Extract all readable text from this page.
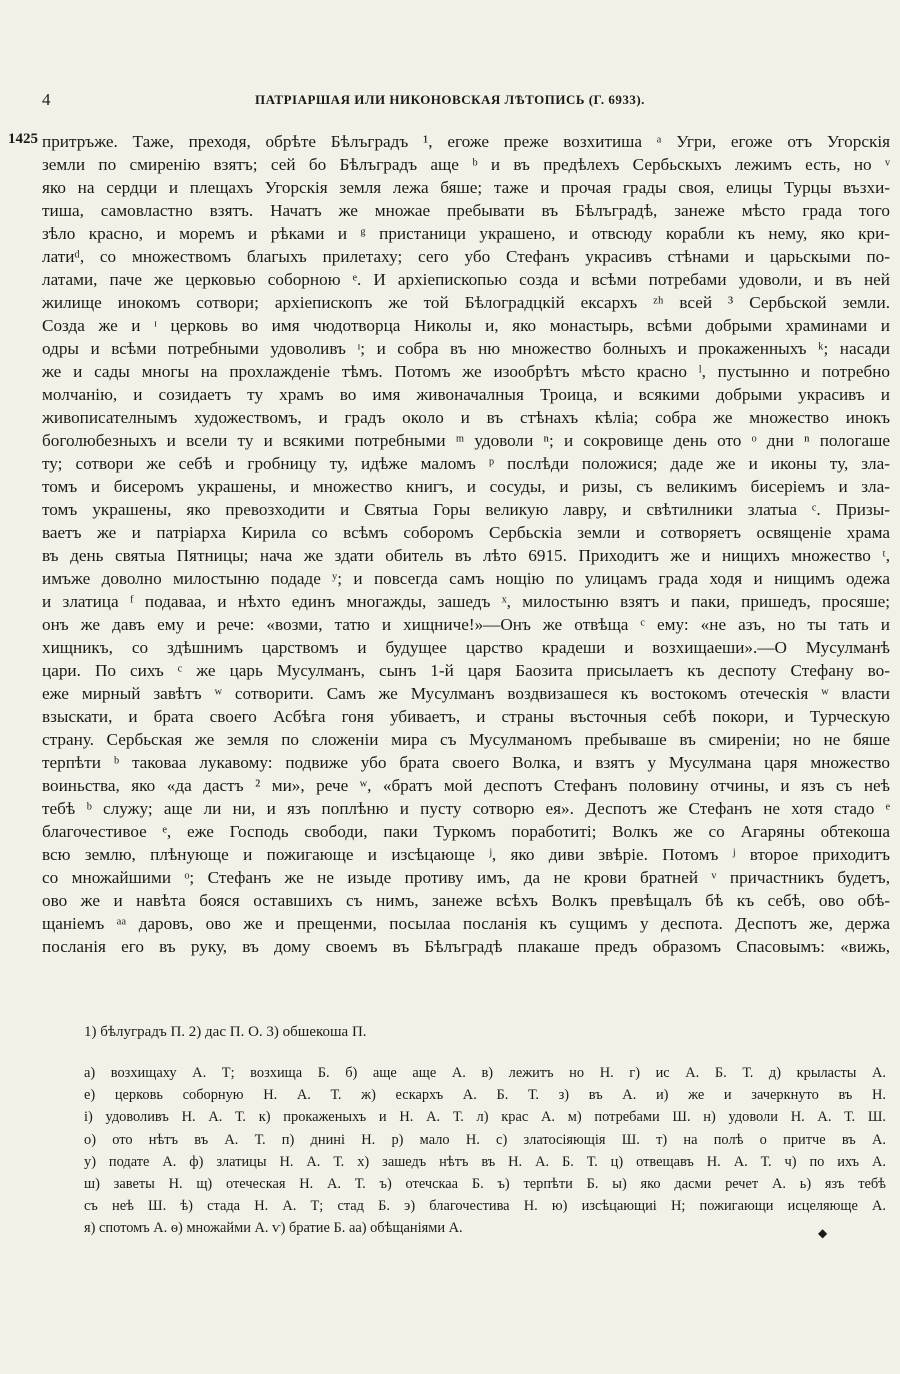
4	ПАТРІАРШАЯ ИЛИ НИКОНОВСКАЯ ЛѢТОПИСЬ (Г. 6933).
1425 притръже. Таже, преходя, обрѣте Бѣлъградъ ¹, егоже преже возхитиша ᵃ Угри, егоже отъ Угорскія
земли по смиренію взятъ; сей бо Бѣлъградъ аще ᵇ и въ предѣлехъ Сербьскыхъ лежимъ есть, но ᵛ
яко на сердци и плещахъ Угорскія земля лежа бяше; таже и прочая грады своя, елицы Турцы възхи-
тиша, самовластно взятъ. Начатъ же множае пребывати въ Бѣлъградѣ, занеже мѣсто града того
зѣло красно, и моремъ и рѣками и ᵍ пристаници украшено, и отвсюду корабли къ нему, яко кри-
латиᵈ, со множествомъ благыхъ прилетаху; сего убо Стефанъ украсивъ стѣнами и царьскыми по-
латами, паче же церковью соборною ᵉ. И архіепископью созда и всѣми потребами удоволи, и въ ней
жилище инокомъ сотвори; архіепископъ же той Бѣлоградцкій ексархъ ᶻʰ всей ³ Сербьской земли.
Созда же и ᶦ церковь во имя чюдотворца Николы и, яко монастырь, всѣми добрыми храминами и
одры и всѣми потребными удоволивъ ᶦ; и собра въ ню множество болныхъ и прокаженныхъ ᵏ; насади
же и сады многы на прохлажденіе тѣмъ. Потомъ же изообрѣтъ мѣсто красно ˡ, пустынно и потребно
молчанію, и созидаетъ ту храмъ во имя живоначалныя Троица, и всякими добрыми украсивъ и
живописателнымъ художествомъ, и градъ около и въ стѣнахъ кѣліа; собра же множество инокъ
боголюбезныхъ и всели ту и всякими потребными ᵐ удоволи ⁿ; и сокровище день ото ᵒ дни ⁿ пологаше
ту; сотвори же себѣ и гробницу ту, идѣже маломъ ᵖ послѣди положися; даде же и иконы ту, зла-
томъ и бисеромъ украшены, и множество книгъ, и сосуды, и ризы, съ великимъ бисеріемъ и зла-
томъ украшены, яко превозходити и Святыа Горы великую лавру, и свѣтилники златыа ᶜ. Призы-
ваетъ же и патріарха Кирила со всѣмъ соборомъ Сербьскіа земли и сотворяетъ освященіе храма
въ день святыа Пятницы; нача же здати обитель въ лѣто 6915. Приходитъ же и нищихъ множество ᵗ,
имъже доволно милостыню подаде ʸ; и повсегда самъ нощію по улицамъ града ходя и нищимъ одежа
и златица ᶠ подаваа, и нѣхто единъ многажды, зашедъ ˣ, милостыню взятъ и паки, пришедъ, просяше;
онъ же давъ ему и рече: «возми, татю и хищниче!»—Онъ же отвѣща ᶜ ему: «не азъ, но ты тать и
хищникъ, со здѣшнимъ царствомъ и будущее царство крадеши и возхищаеши».—О Мусулманѣ
цари. По сихъ ᶜ же царь Мусулманъ, сынъ 1-й царя Баозита присылаетъ къ деспоту Стефану во-
еже мирный завѣтъ ʷ сотворити. Самъ же Мусулманъ воздвизашеся къ востокомъ отеческія ʷ власти
взыскати, и брата своего Асбѣга гоня убиваетъ, и страны въсточныя себѣ покори, и Турческую
страну. Сербьская же земля по сложеніи мира съ Мусулманомъ пребываше въ смиреніи; но не бяше
терпѣти ᵇ таковаа лукавому: подвиже убо брата своего Волка, и взятъ у Мусулмана царя множество
воиньства, яко «да дастъ ² ми», рече ʷ, «братъ мой деспотъ Стефанъ половину отчины, и язъ съ неѣ
тебѣ ᵇ служу; аще ли ни, и язъ поплѣню и пусту сотворю ея». Деспотъ же Стефанъ не хотя стадо ᵉ
благочестивое ᵉ, еже Господь свободи, паки Туркомъ поработитi; Волкъ же со Агаряны обтекоша
всю землю, плѣнующе и пожигающе и изсѣцающе ʲ, яко диви звѣріе. Потомъ ʲ второе приходитъ
со множайшими ᵒ; Стефанъ же не изыде противу имъ, да не крови братней ᵛ причастникъ будетъ,
ово же и навѣта бояся оставшихъ съ нимъ, занеже всѣхъ Волкъ превѣщалъ бѣ къ себѣ, ово обѣ-
щаніемъ ᵃᵃ даровъ, ово же и прещенми, посылаа посланія къ сущимъ у деспота. Деспотъ же, держа
посланія его въ руку, въ дому своемъ въ Бѣлъградѣ плакаше предъ образомъ Спасовымъ: «вижь,
1) бѣлуградъ П. 2) дас П. О. 3) обшекоша П.
а) возхищаху А. Т; возхища Б. б) аще аще А. в) лежитъ но Н. г) ис А. Б. Т. д) крыласты А.
е) церковь соборную Н. А. Т. ж) ескархъ А. Б. Т. з) въ А. и) же и зачеркнуто въ Н.
і) удоволивъ Н. А. Т. к) прокаженыхъ и Н. А. Т. л) крас А. м) потребами Ш. н) удоволи Н. А. Т. Ш.
о) ото нѣтъ въ А. Т. п) днині Н. р) мало Н. с) златосіяющія Ш. т) на полѣ о притче въ А.
у) подате А. ф) златицы Н. А. Т. х) зашедъ нѣтъ въ Н. А. Б. Т. ц) отвещавъ Н. А. Т. ч) по ихъ А.
ш) заветы Н. щ) отеческая Н. А. Т. ъ) отечскаа Б. ъ) терпѣти Б. ы) яко дасми речет А. ь) язъ тебѣ
съ неѣ Ш. ѣ) стада Н. А. Т; стад Б. э) благочестива Н. ю) изсѣцающиі Н; пожигающи исцеляюще А.
я) спотомъ А. ѳ) множайми А. ѵ) братие Б. аа) обѣщаніями А.	◆
